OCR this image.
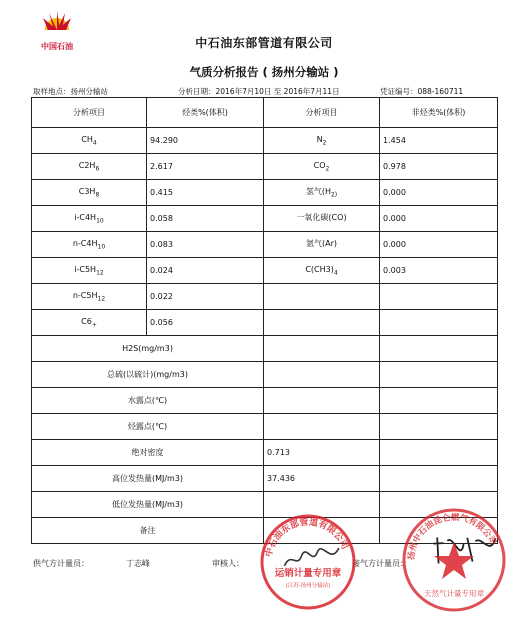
中国石油	中石油东部管道有限公司
气质分析报告 ( 扬州分输站 )
取样地点：扬州分输站	分析日期：2016年7月10日 至 2016年7月11日	凭证编号：088-160711
分析项目	烃类%(体积)	分析项目	非烃类%(体积)
$CH_4$	94.290	$N_2$	1.454
$C2H_6$	2.617	$CO_2$	0.978
$C3H_8$	0.415	氢气($H_{2)}$	0.000
$i-C4H_{10}$	0.058	一氧化碳(CO)	0.000
$n-C4H_{10}$	0.083	氩气(Ar)	0.000
$i-C5H_{12}$	0.024	$C(CH3)_4$	0.003
$n-C5H_{12}$	0.022		
$C6_+$	0.056		
H2S(mg/m3)			
总硫(以硫计)(mg/m3)			
水露点(℃)			
烃露点(℃)			
绝对密度		0.713	
高位发热量(MJ/m3)		37.436	
低位发热量(MJ/m3)			
备注			
供气方计量员：	丁志峰	审核人：	接气方计量员：
中石油东部管道有限公司
运销计量专用章
(江苏·扬州分输站)
扬州中石油昆仑燃气有限公司
天然气计量专用章
